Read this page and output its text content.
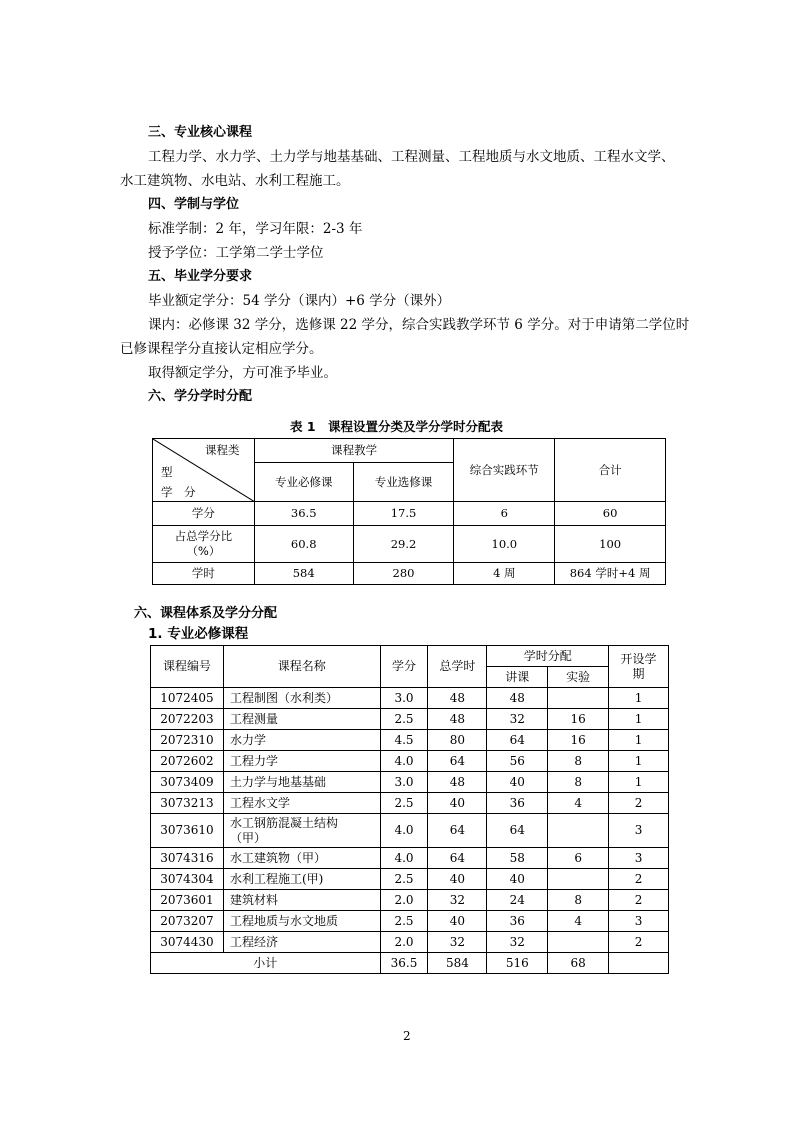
三、专业核心课程
工程力学、水力学、土力学与地基基础、工程测量、工程地质与水文地质、工程水文学、
水工建筑物、水电站、水利工程施工。
四、学制与学位
标准学制：2 年，学习年限：2-3 年
授予学位：工学第二学士学位
五、毕业学分要求
毕业额定学分：54 学分（课内）+6 学分（课外）
课内：必修课 32 学分，选修课 22 学分，综合实践教学环节 6 学分。对于申请第二学位时
已修课程学分直接认定相应学分。
取得额定学分，方可准予毕业。
六、学分学时分配
表 1　课程设置分类及学分学时分配表
课程类
型
学　分	课程教学		综合实践环节	合计
	专业必修课	专业选修课		
学分	36.5	17.5	6	60

占总学分比
（%）	60.8	29.2	10.0	100
学时	584	280	4 周	864 学时+4 周
六、课程体系及学分分配
1. 专业必修课程
课程编号	课程名称	学分	总学时	学时分配		开设学
期

				讲课	实验	
1072405	工程制图（水利类）	3.0	48	48		1
2072203	工程测量	2.5	48	32	16	1
2072310	水力学	4.5	80	64	16	1
2072602	工程力学	4.0	64	56	8	1
3073409	土力学与地基基础	3.0	48	40	8	1
3073213	工程水文学	2.5	40	36	4	2
3073610	水工钢筋混凝土结构
（甲）	4.0	64	64		3
3074316	水工建筑物（甲）	4.0	64	58	6	3
3074304	水利工程施工(甲)	2.5	40	40		2
2073601	建筑材料	2.0	32	24	8	2
2073207	工程地质与水文地质	2.5	40	36	4	3
3074430	工程经济	2.0	32	32		2
小计		36.5	584	516	68	
2
